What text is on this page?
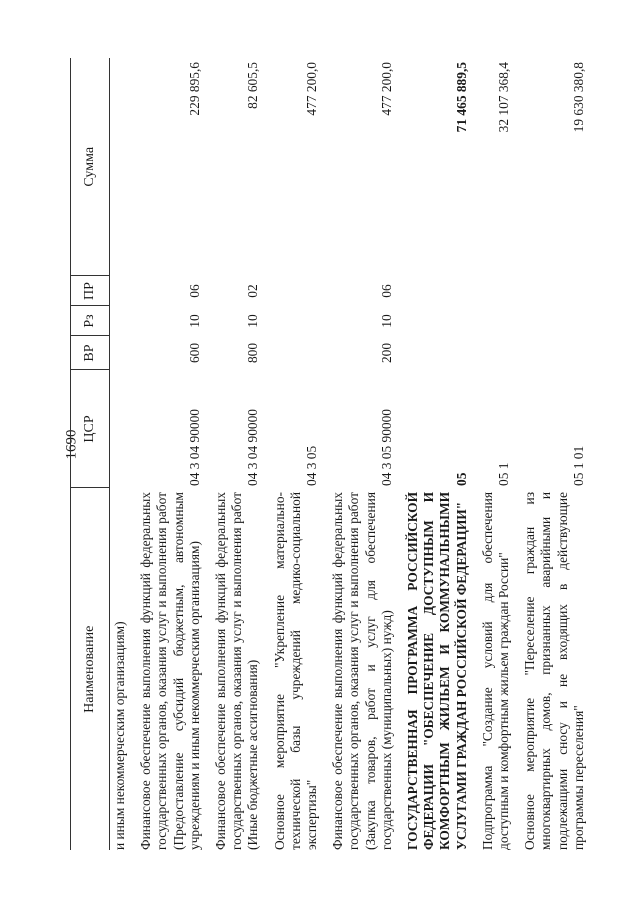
1690
Наименование	ЦСР	ВР	Рз	ПР	Сумма
и иным некоммерческим организациям)					
Финансовое обеспечение выполнения функций федеральных государственных органов, оказания услуг и выполнения работ (Предоставление субсидий бюджетным, автономным учреждениям и иным некоммерческим организациям)	04 3 04 90000	600	10	06	229 895,6
Финансовое обеспечение выполнения функций федеральных государственных органов, оказания услуг и выполнения работ (Иные бюджетные ассигнования)	04 3 04 90000	800	10	02	82 605,5
Основное мероприятие "Укрепление материально-технической базы учреждений медико-социальной экспертизы"	04 3 05				477 200,0
Финансовое обеспечение выполнения функций федеральных государственных органов, оказания услуг и выполнения работ (Закупка товаров, работ и услуг для обеспечения государственных (муниципальных) нужд)	04 3 05 90000	200	10	06	477 200,0
ГОСУДАРСТВЕННАЯ ПРОГРАММА РОССИЙСКОЙ ФЕДЕРАЦИИ "ОБЕСПЕЧЕНИЕ ДОСТУПНЫМ И КОМФОРТНЫМ ЖИЛЬЕМ И КОММУНАЛЬНЫМИ УСЛУГАМИ ГРАЖДАН РОССИЙСКОЙ ФЕДЕРАЦИИ"	05				71 465 889,5
Подпрограмма "Создание условий для обеспечения доступным и комфортным жильем граждан России"	05 1				32 107 368,4
Основное мероприятие "Переселение граждан из многоквартирных домов, признанных аварийными и подлежащими сносу и не входящих в действующие программы переселения"	05 1 01				19 630 380,8
